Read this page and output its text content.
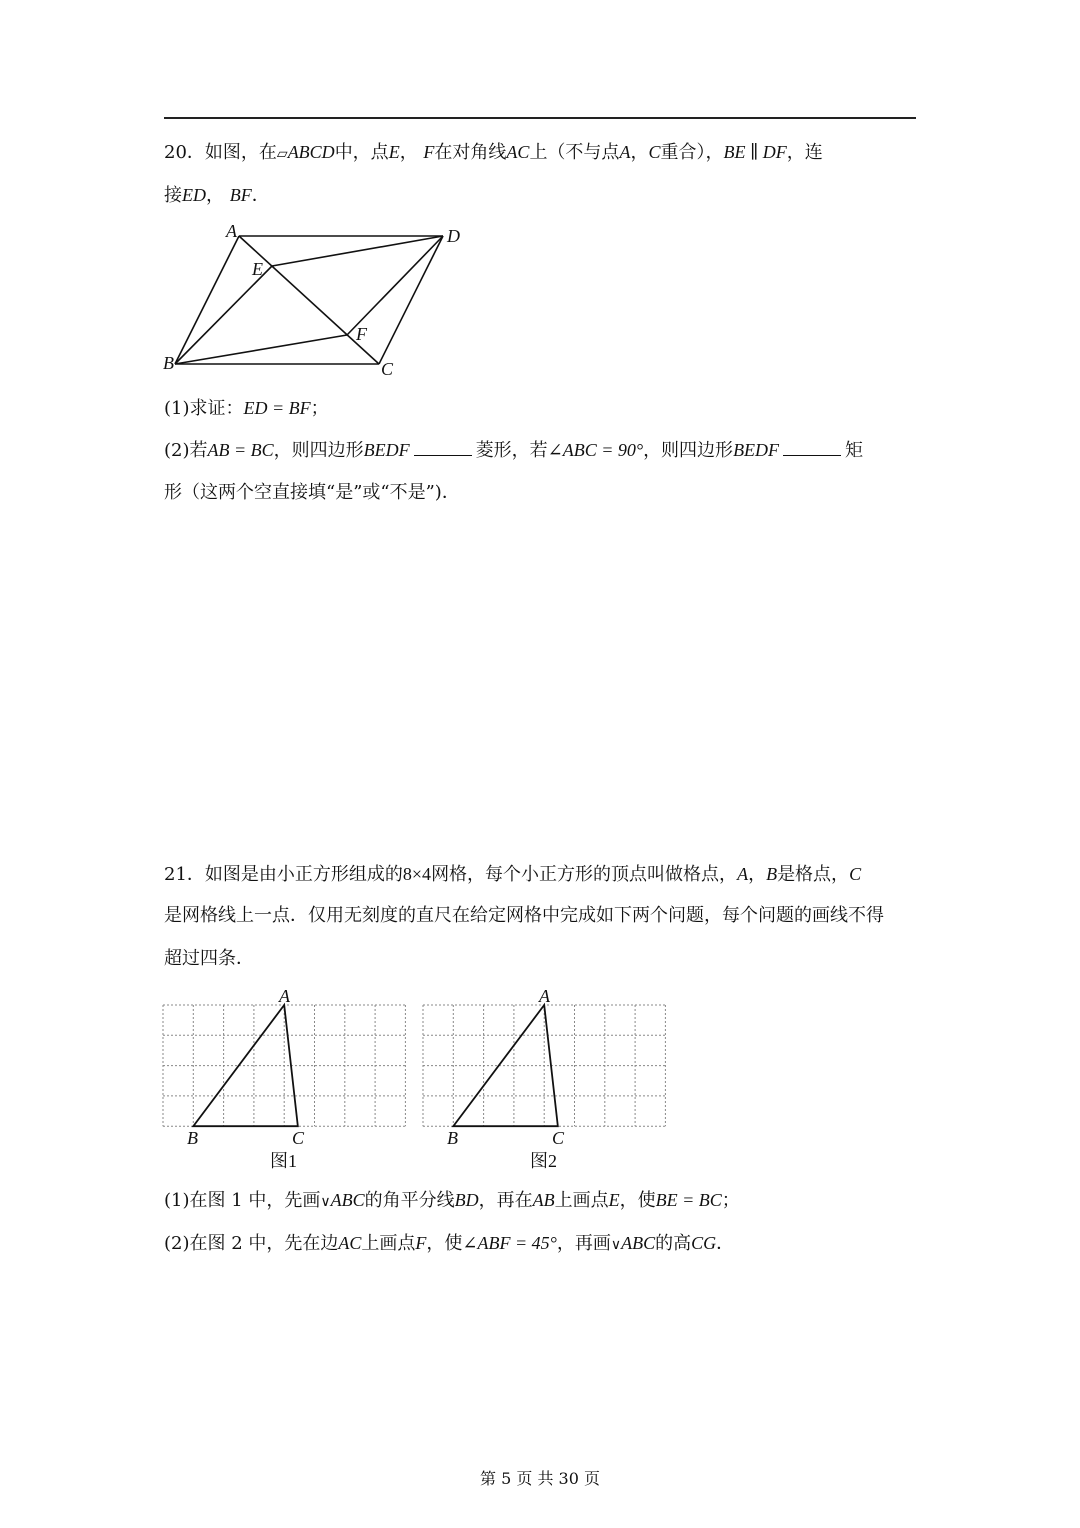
20．如图，在▱ABCD中，点E， F在对角线AC上（不与点A，C重合），BE ∥ DF，连
接ED， BF．
A	D
E
F
B	C
(1)求证：ED = BF；
(2)若AB = BC，则四边形BEDF	菱形，若∠ABC = 90°，则四边形BEDF	矩
形（这两个空直接填“是”或“不是”)．
21．如图是由小正方形组成的8×4网格，每个小正方形的顶点叫做格点，A，B是格点，C
是网格线上一点．仅用无刻度的直尺在给定网格中完成如下两个问题，每个问题的画线不得
超过四条．
A
B	C
图1
A
B	C
图2
(1)在图 1 中，先画∨ABC的角平分线BD，再在AB上画点E，使BE = BC；
(2)在图 2 中，先在边AC上画点F，使∠ABF = 45°，再画∨ABC的高CG．
第 5 页 共 30 页
